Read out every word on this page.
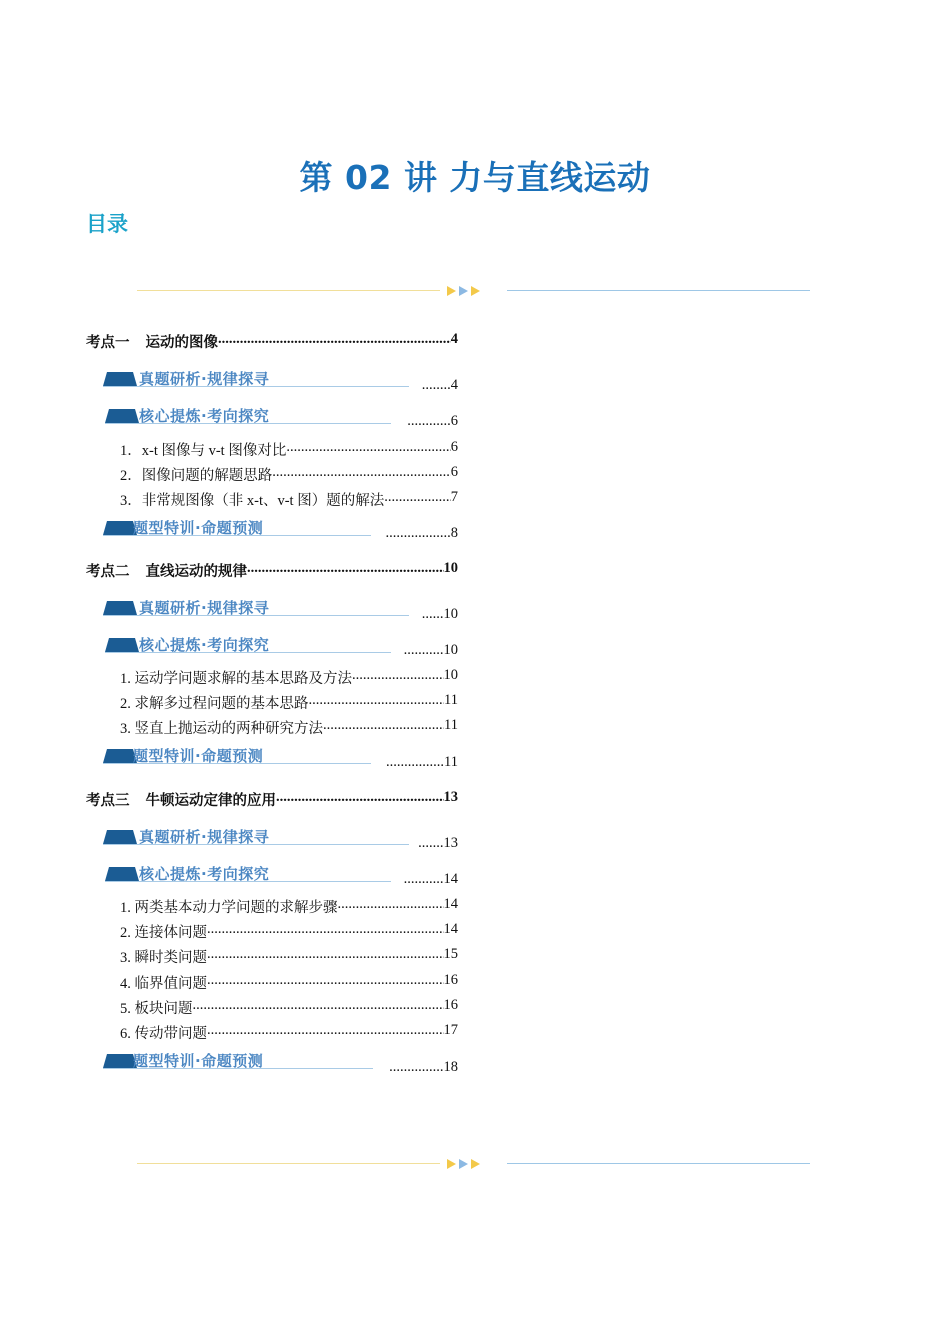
第 02 讲 力与直线运动
目录
考点一 运动的图像 .....	4
真题研析·规律探寻	........4
核心提炼·考向探究	............6
1．x-t 图像与 v-t 图像对比 .....	6
2．图像问题的解题思路 .....	6
3．非常规图像（非 x-t、v-t 图）题的解法 .....	7
题型特训·命题预测	..................8
考点二 直线运动的规律 .....	10
真题研析·规律探寻	......10
核心提炼·考向探究	...........10
1. 运动学问题求解的基本思路及方法 .....	10
2. 求解多过程问题的基本思路 .....	11
3. 竖直上抛运动的两种研究方法 .....	11
题型特训·命题预测	................11
考点三 牛顿运动定律的应用 .....	13
真题研析·规律探寻	.......13
核心提炼·考向探究	...........14
1. 两类基本动力学问题的求解步骤 .....	14
2. 连接体问题 .....	14
3. 瞬时类问题 .....	15
4. 临界值问题 .....	16
5. 板块问题 .....	16
6. 传动带问题 .....	17
题型特训·命题预测	...............18
